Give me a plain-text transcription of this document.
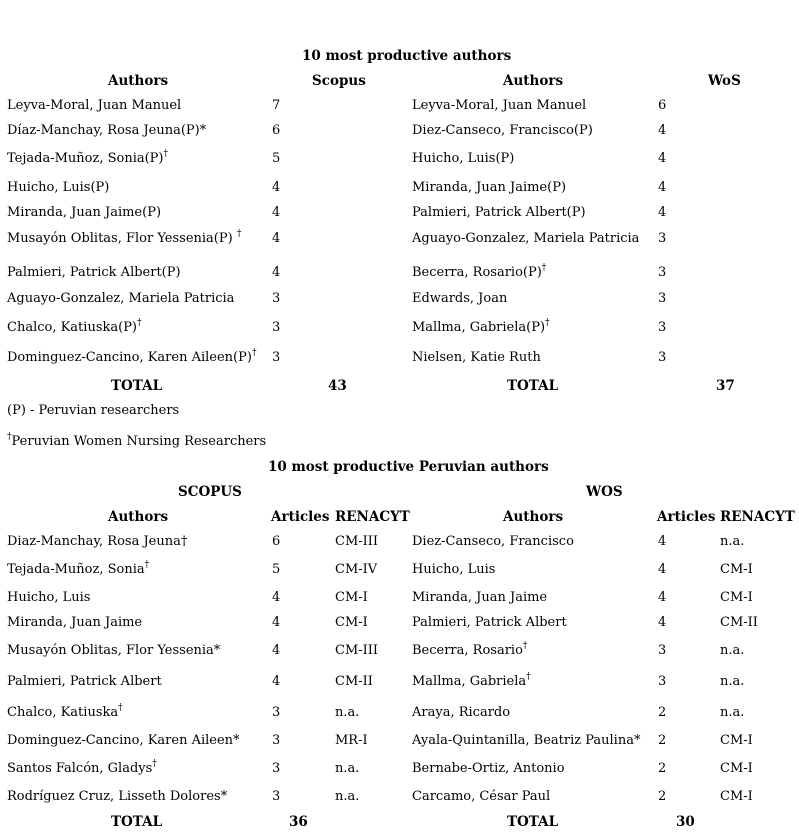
10 most productive authors
Authors	Scopus	Authors	WoS
Leyva-Moral, Juan Manuel	7	Leyva-Moral, Juan Manuel	6
Díaz-Manchay, Rosa Jeuna(P)*	6	Diez-Canseco, Francisco(P)	4
Tejada-Muñoz, Sonia(P)†	5	Huicho, Luis(P)	4
Huicho, Luis(P)	4	Miranda, Juan Jaime(P)	4
Miranda, Juan Jaime(P)	4	Palmieri, Patrick Albert(P)	4
Musayón Oblitas, Flor Yessenia(P) † 4	Aguayo-Gonzalez, Mariela Patricia 3
Palmieri, Patrick Albert(P)	4	Becerra, Rosario(P)†	3
Aguayo-Gonzalez, Mariela Patricia	3	Edwards, Joan	3
Chalco, Katiuska(P)†	3	Mallma, Gabriela(P)†	3
Dominguez-Cancino, Karen Aileen(P)† 3	Nielsen, Katie Ruth	3
TOTAL	43	TOTAL	37
(P) - Peruvian researchers
†Peruvian Women Nursing Researchers
10 most productive Peruvian authors
SCOPUS	WOS
Authors	Articles RENACYT	Authors	Articles RENACYT
Diaz-Manchay, Rosa Jeuna†	6	CM-III	Diez-Canseco, Francisco	4	n.a.
Tejada-Muñoz, Sonia†	5	CM-IV	Huicho, Luis	4	CM-I
Huicho, Luis	4	CM-I	Miranda, Juan Jaime	4	CM-I
Miranda, Juan Jaime	4	CM-I	Palmieri, Patrick Albert	4	CM-II
Musayón Oblitas, Flor Yessenia*	4	CM-III	Becerra, Rosario†	3	n.a.
Palmieri, Patrick Albert	4	CM-II	Mallma, Gabriela†	3	n.a.
Chalco, Katiuska†	3	n.a.	Araya, Ricardo	2	n.a.
Dominguez-Cancino, Karen Aileen* 3	MR-I	Ayala-Quintanilla, Beatriz Paulina* 2	CM-I
Santos Falcón, Gladys†	3	n.a.	Bernabe-Ortiz, Antonio	2	CM-I
Rodríguez Cruz, Lisseth Dolores*	3	n.a.	Carcamo, César Paul	2	CM-I
TOTAL	36	TOTAL	30
